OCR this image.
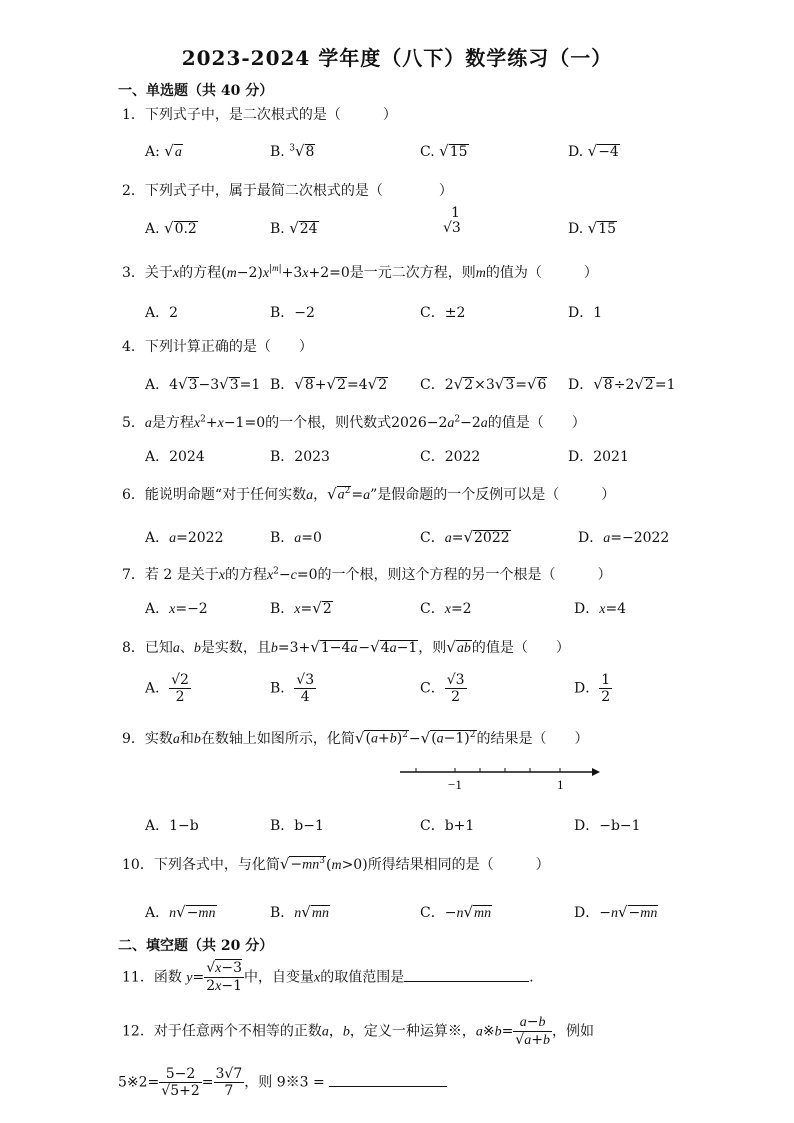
2023-2024 学年度（八下）数学练习（一）
一、单选题（共 40 分）
1．下列式子中，是二次根式的是（　　　）
A: √a	B. $^3$√8	C. √15	D. √−4
2．下列式子中，属于最简二次根式的是（　　　　）
A. √0.2	B. √24
1
√3	D. √15
3．关于x的方程$(m-2)x^{|m|}+3x+2=0$是一元二次方程，则m的值为（　　　）
A．2	B．−2	C．±2	D．1
4．下列计算正确的是（　　）
A．4√3−3√3=1 B．√8+√2=4√2 C．2√2×3√3=√6 D．√8÷2√2=1
5．a是方程$x^2+x-1=0$的一个根，则代数式$2026-2a^2-2a$的值是（　　）
A．2024	B．2023	C．2022	D．2021
6．能说明命题“对于任何实数a，$√a^2=a$”是假命题的一个反例可以是（　　　）
A．a=2022	B．a=0	C．a=√2022	D．a=−2022
7．若 2 是关于x的方程$x^2-c=0$的一个根，则这个方程的另一个根是（　　　）
A．x=−2	B．x=√2	C．x=2	D．x=4
8．已知a、b是实数，且b=3+√1−4a−√4a−1，则√ab的值是（　　）
A． $\frac{√2}{2}$	B． $\frac{√3}{4}$	C． $\frac{√3}{2}$	D． $\frac{1}{2}$
9．实数a和b在数轴上如图所示，化简$√(a+b)^2-√(a-1)^2$的结果是（　　）
−1	1
A．1−b	B．b−1	C．b+1	D．−b−1
10．下列各式中，与化简$√-mn^3(m>0)$所得结果相同的是（　　　）
A．n√−mn	B．n√mn	C．−n√mn	D．−n√−mn
二、填空题（共 20 分）
11．函数 $y= \frac{√x-3}{2x-1}$ 中，自变量x的取值范围是	．
12．对于任意两个不相等的正数a，b，定义一种运算※，a※b= $\frac{a-b}{√a+b}$ ，例如
5※2= $\frac{5-2}{√5+2} = \frac{3√7}{7}$ ，则 9※3 =
